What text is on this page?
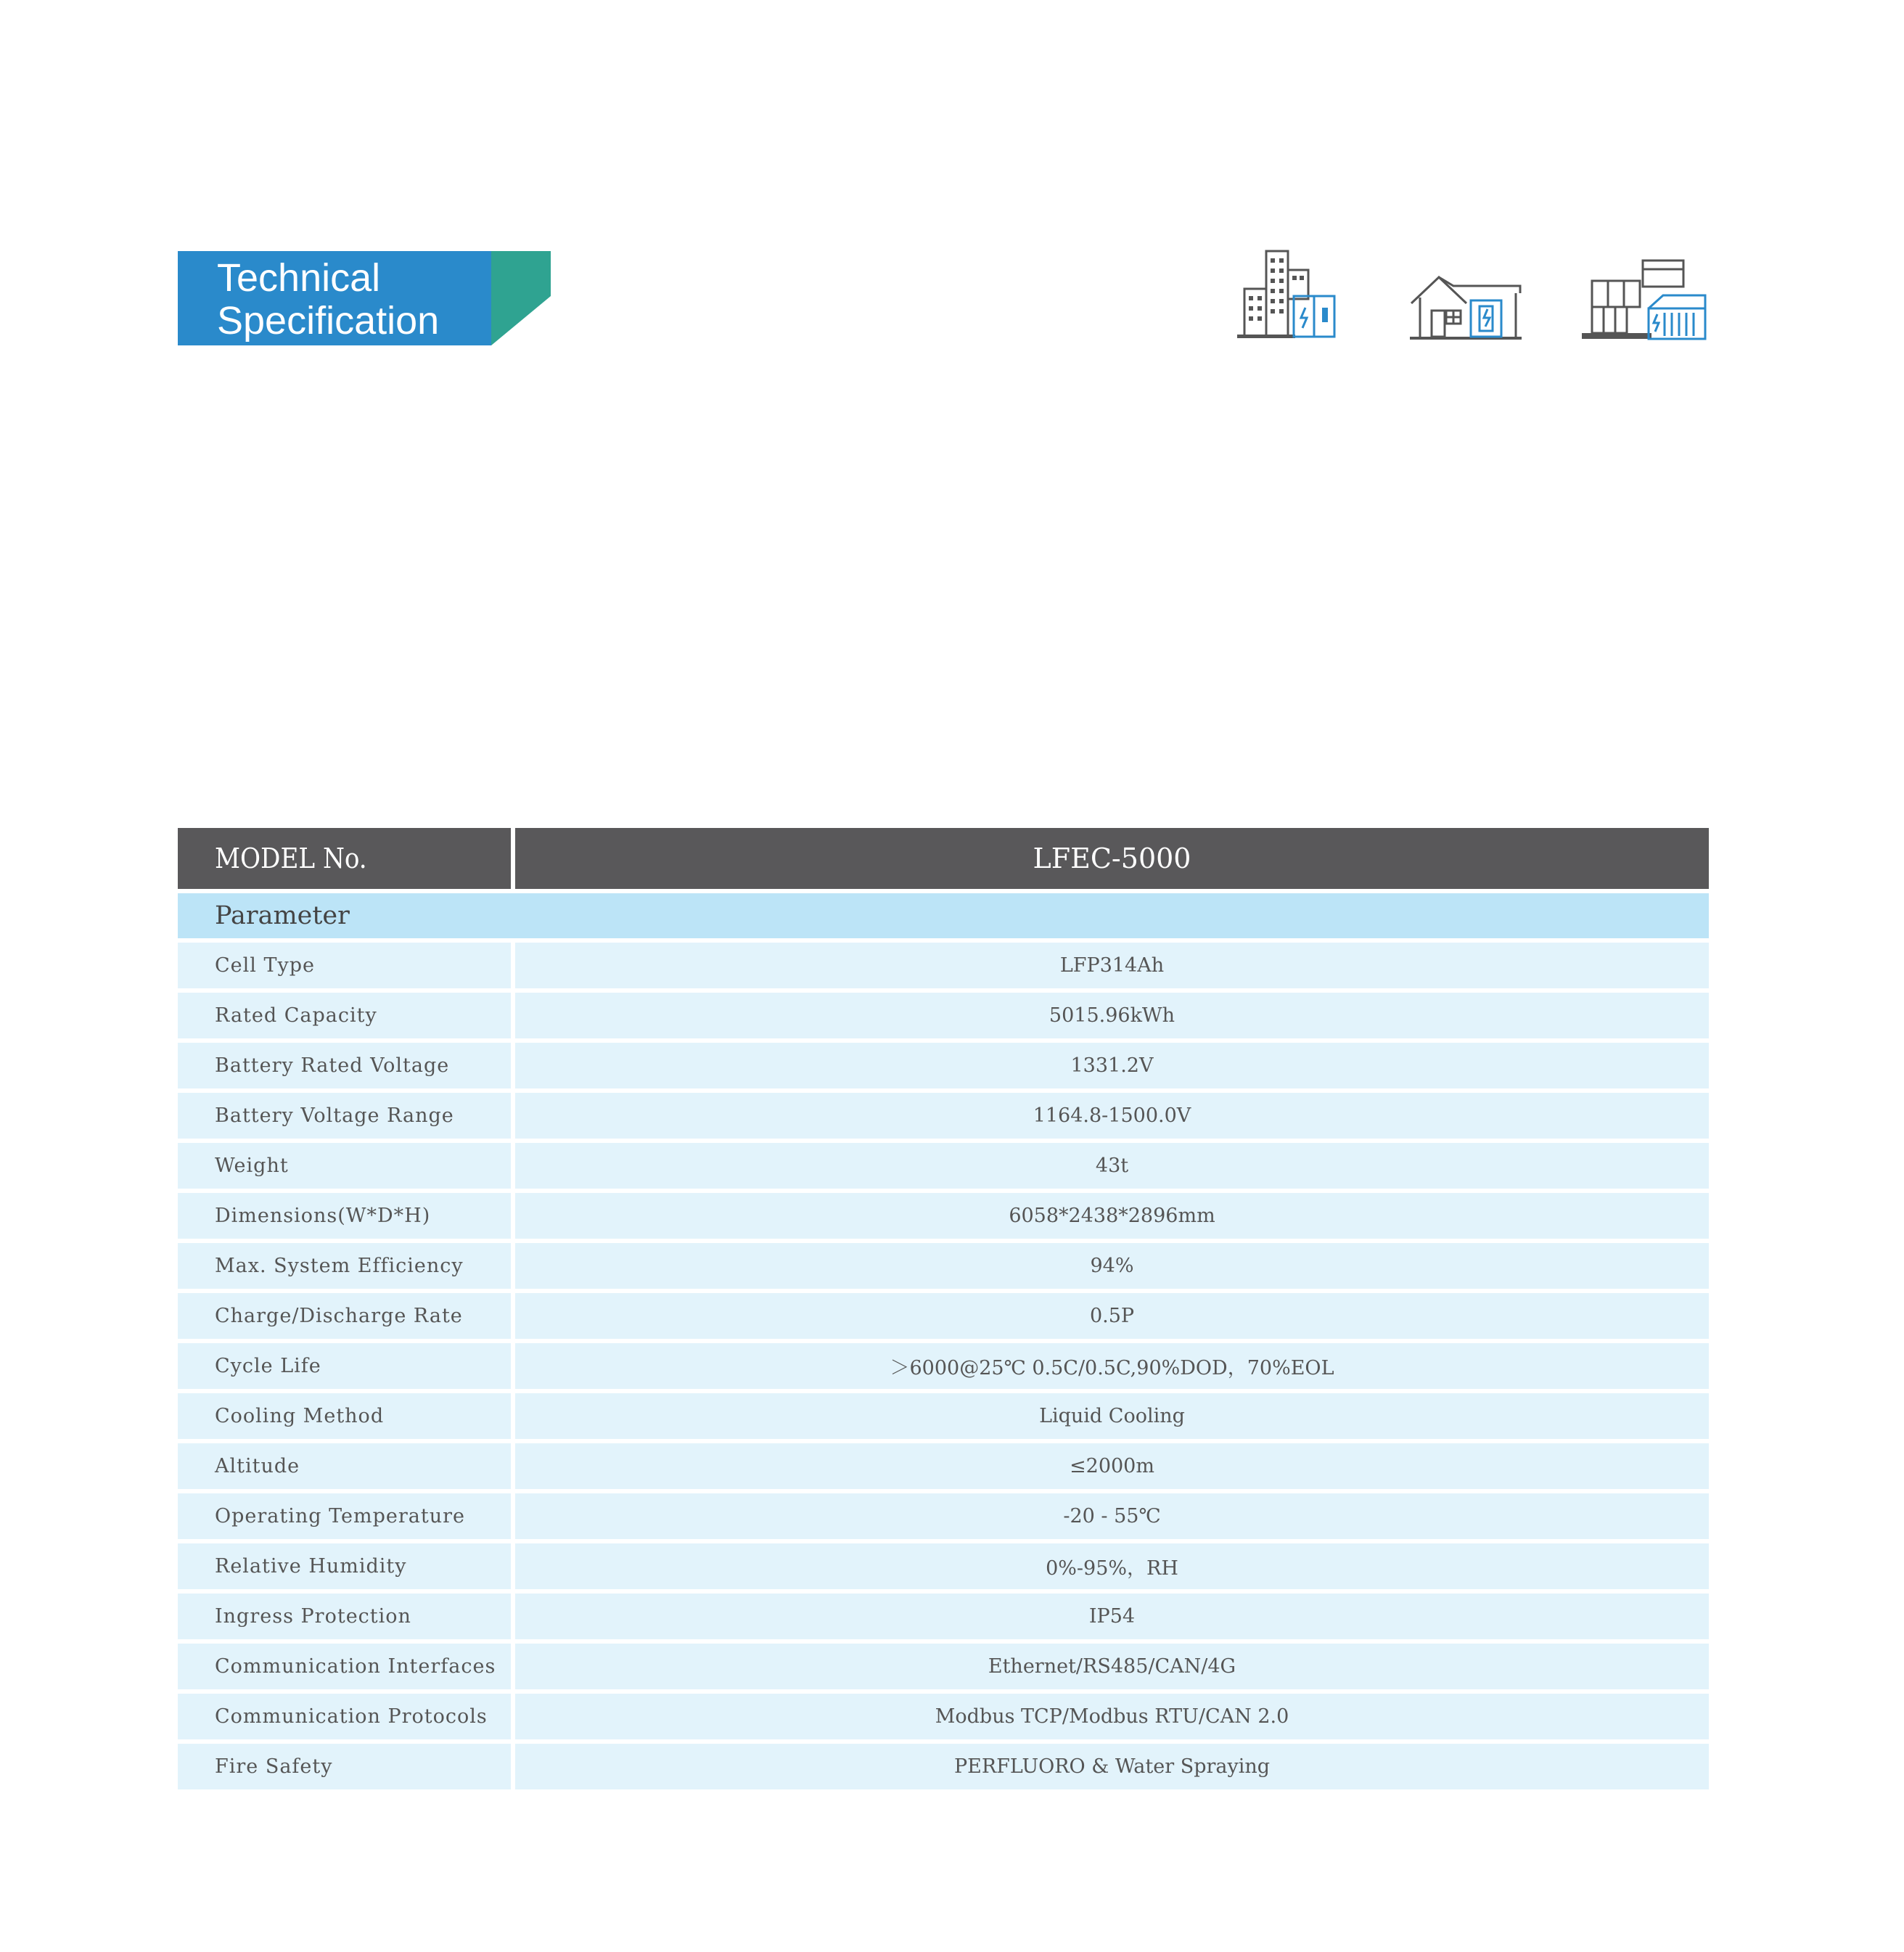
Technical
Specification
MODEL No.	LFEC-5000
Parameter
Cell Type	LFP314Ah
Rated Capacity	5015.96kWh
Battery Rated Voltage	1331.2V
Battery Voltage Range	1164.8-1500.0V
Weight	43t
Dimensions(W*D*H)	6058*2438*2896mm
Max. System Efficiency	94%
Charge/Discharge Rate	0.5P
Cycle Life	＞6000@25℃ 0.5C/0.5C,90%DOD，70%EOL
Cooling Method	Liquid Cooling
Altitude	≤2000m
Operating Temperature	-20 - 55℃
Relative Humidity	0%-95%，RH
Ingress Protection	IP54
Communication Interfaces	Ethernet/RS485/CAN/4G
Communication Protocols	Modbus TCP/Modbus RTU/CAN 2.0
Fire Safety	PERFLUORO & Water Spraying
